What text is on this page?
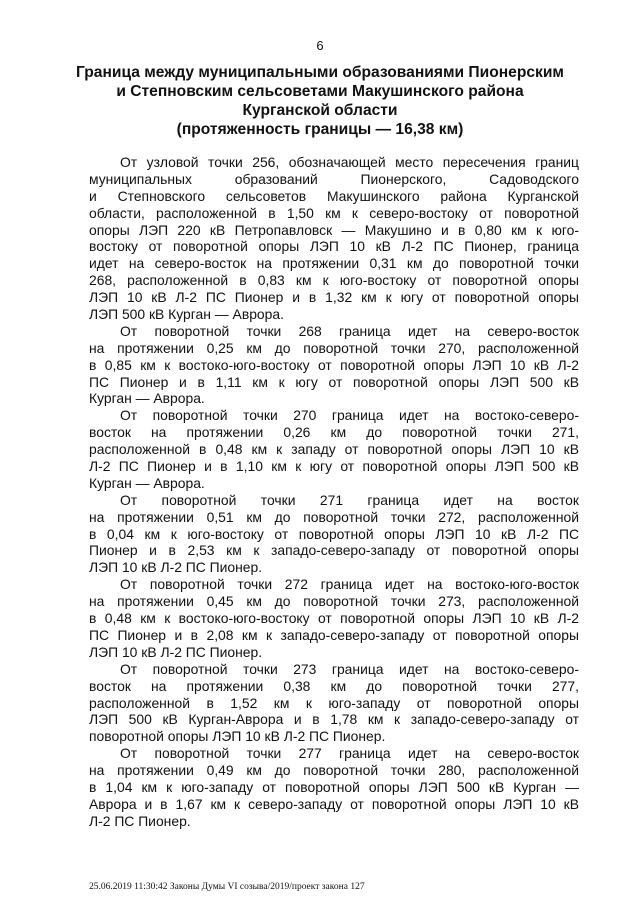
6
Граница между муниципальными образованиями Пионерским
и Степновским сельсоветами Макушинского района
Курганской области
(протяженность границы — 16,38 км)
От узловой точки 256, обозначающей место пересечения границ
муниципальных образований Пионерского, Садоводского
и Степновского сельсоветов Макушинского района Курганской
области, расположенной в 1,50 км к северо-востоку от поворотной
опоры ЛЭП 220 кВ Петропавловск — Макушино и в 0,80 км к юго-
востоку от поворотной опоры ЛЭП 10 кВ Л-2 ПС Пионер, граница
идет на северо-восток на протяжении 0,31 км до поворотной точки
268, расположенной в 0,83 км к юго-востоку от поворотной опоры
ЛЭП 10 кВ Л-2 ПС Пионер и в 1,32 км к югу от поворотной опоры
ЛЭП 500 кВ Курган — Аврора.
От поворотной точки 268 граница идет на северо-восток
на протяжении 0,25 км до поворотной точки 270, расположенной
в 0,85 км к востоко-юго-востоку от поворотной опоры ЛЭП 10 кВ Л-2
ПС Пионер и в 1,11 км к югу от поворотной опоры ЛЭП 500 кВ
Курган — Аврора.
От поворотной точки 270 граница идет на востоко-северо-
восток на протяжении 0,26 км до поворотной точки 271,
расположенной в 0,48 км к западу от поворотной опоры ЛЭП 10 кВ
Л-2 ПС Пионер и в 1,10 км к югу от поворотной опоры ЛЭП 500 кВ
Курган — Аврора.
От поворотной точки 271 граница идет на восток
на протяжении 0,51 км до поворотной точки 272, расположенной
в 0,04 км к юго-востоку от поворотной опоры ЛЭП 10 кВ Л-2 ПС
Пионер и в 2,53 км к западо-северо-западу от поворотной опоры
ЛЭП 10 кВ Л-2 ПС Пионер.
От поворотной точки 272 граница идет на востоко-юго-восток
на протяжении 0,45 км до поворотной точки 273, расположенной
в 0,48 км к востоко-юго-востоку от поворотной опоры ЛЭП 10 кВ Л-2
ПС Пионер и в 2,08 км к западо-северо-западу от поворотной опоры
ЛЭП 10 кВ Л-2 ПС Пионер.
От поворотной точки 273 граница идет на востоко-северо-
восток на протяжении 0,38 км до поворотной точки 277,
расположенной в 1,52 км к юго-западу от поворотной опоры
ЛЭП 500 кВ Курган-Аврора и в 1,78 км к западо-северо-западу от
поворотной опоры ЛЭП 10 кВ Л-2 ПС Пионер.
От поворотной точки 277 граница идет на северо-восток
на протяжении 0,49 км до поворотной точки 280, расположенной
в 1,04 км к юго-западу от поворотной опоры ЛЭП 500 кВ Курган —
Аврора и в 1,67 км к северо-западу от поворотной опоры ЛЭП 10 кВ
Л-2 ПС Пионер.
25.06.2019 11:30:42 Законы Думы VI созыва/2019/проект закона 127
